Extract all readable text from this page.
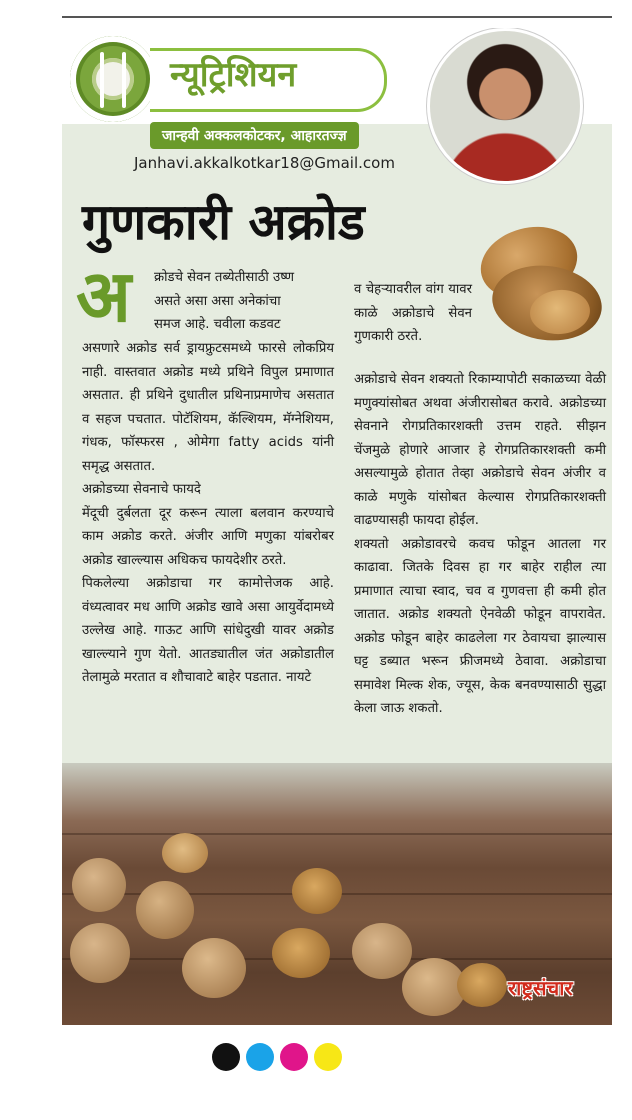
न्यूट्रिशियन
जान्हवी अक्कलकोटकर, आहारतज्ज्ञ
Janhavi.akkalkotkar18@Gmail.com
गुणकारी अक्रोड
अ क्रोडचे सेवन तब्येतीसाठी उष्ण

असते असा असा अनेकांचा

समज आहे. चवीला कडवट

असणारे अक्रोड सर्व ड्रायफ्रुटसमध्ये फारसे लोकप्रिय नाही. वास्तवात अक्रोड मध्ये प्रथिने विपुल प्रमाणात असतात. ही प्रथिने दुधातील प्रथिनाप्रमाणेच असतात व सहज पचतात. पोटॅशियम, कॅल्शियम, मॅग्नेशियम, गंधक, फॉस्फरस , ओमेगा fatty acids यांनी समृद्ध असतात.

अक्रोडच्या सेवनाचे फायदे

मेंदूची दुर्बलता दूर करून त्याला बलवान करण्याचे काम अक्रोड करते. अंजीर आणि मणुका यांबरोबर अक्रोड खाल्ल्यास अधिकच फायदेशीर ठरते.

पिकलेल्या अक्रोडाचा गर कामोत्तेजक आहे. वंध्यत्वावर मध आणि अक्रोड खावे असा आयुर्वेदामध्ये उल्लेख आहे. गाऊट आणि सांधेदुखी यावर अक्रोड खाल्ल्याने गुण येतो. आतड्यातील जंत अक्रोडातील तेलामुळे मरतात व शौचावाटे बाहेर पडतात. नायटे

व चेहऱ्यावरील वांग यावर काळे अक्रोडाचे सेवन गुणकारी ठरते.

अक्रोडाचे सेवन शक्यतो रिकाम्यापोटी सकाळच्या वेळी मणुक्यांसोबत अथवा अंजीरासोबत करावे. अक्रोडच्या सेवनाने रोगप्रतिकारशक्ती उत्तम राहते. सीझन चेंजमुळे होणारे आजार हे रोगप्रतिकारशक्ती कमी असल्यामुळे होतात तेव्हा अक्रोडाचे सेवन अंजीर व काळे मणुके यांसोबत केल्यास रोगप्रतिकारशक्ती वाढण्यासही फायदा होईल.

शक्यतो अक्रोडावरचे कवच फोडून आतला गर काढावा. जितके दिवस हा गर बाहेर राहील त्या प्रमाणात त्याचा स्वाद, चव व गुणवत्ता ही कमी होत जातात. अक्रोड शक्यतो ऐनवेळी फोडून वापरावेत. अक्रोड फोडून बाहेर काढलेला गर ठेवायचा झाल्यास घट्ट डब्यात भरून फ्रीजमध्ये ठेवावा. अक्रोडाचा समावेश मिल्क शेक, ज्यूस, केक बनवण्यासाठी सुद्धा केला जाऊ शकतो.

राष्ट्रसंचार
